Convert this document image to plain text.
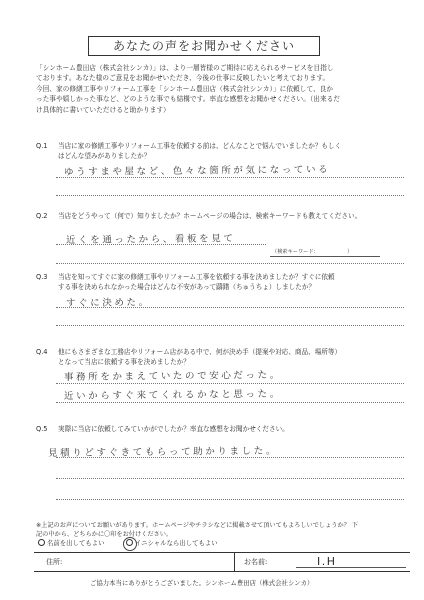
あなたの声をお聞かせください
「シンホーム豊田店（株式会社シンカ）」は、より一層皆様のご期待に応えられるサービスを目指し
ております。あなた様のご意見をお聞かせいただき、今後の仕事に反映したいと考えております。
今回、家の修繕工事やリフォーム工事を「シンホーム豊田店（株式会社シンカ）」に依頼して、良か
った事や嬉しかった事など、どのような事でも結構です。率直な感想をお聞かせください。（出来るだ
け具体的に書いていただけると助かります）
Q.1	当店に家の修繕工事やリフォーム工事を依頼する前は、どんなことで悩んでいましたか？もしく
はどんな望みがありましたか？
ゆうすまや屋など、色々な箇所が気になっている
Q.2	当店をどうやって（何で）知りましたか？ホームページの場合は、検索キーワードも教えてください。
近くを通ったから、看板を見て
（検索キーワード：　　　　　　）
Q.3	当店を知ってすぐに家の修繕工事やリフォーム工事を依頼する事を決めましたか？すぐに依頼
する事を決められなかった場合はどんな不安があって躊躇（ちゅうちょ）しましたか？
すぐに決めた。
Q.4	他にもさまざまな工務店やリフォーム店がある中で、何が決め手（提案や対応、商品、場所等）
となって当店に依頼する事を決めましたか？
事務所をかまえていたので安心だった。
近いからすぐ来てくれるかなと思った。
Q.5	実際に当店に依頼してみていかがでしたか？率直な感想をお聞かせください。
見積りどすぐきてもらって助かりました。
※上記のお声についてお願いがあります。ホームページやチラシなどに掲載させて頂いてもよろしいでしょうか？ 下
記の中から、どちらかに〇印をお付けください。
名前を出してもよい	イニシャルなら出してもよい
住所:	お名前:	I.H
ご協力本当にありがとうございました。シンホーム豊田店（株式会社シンカ）
